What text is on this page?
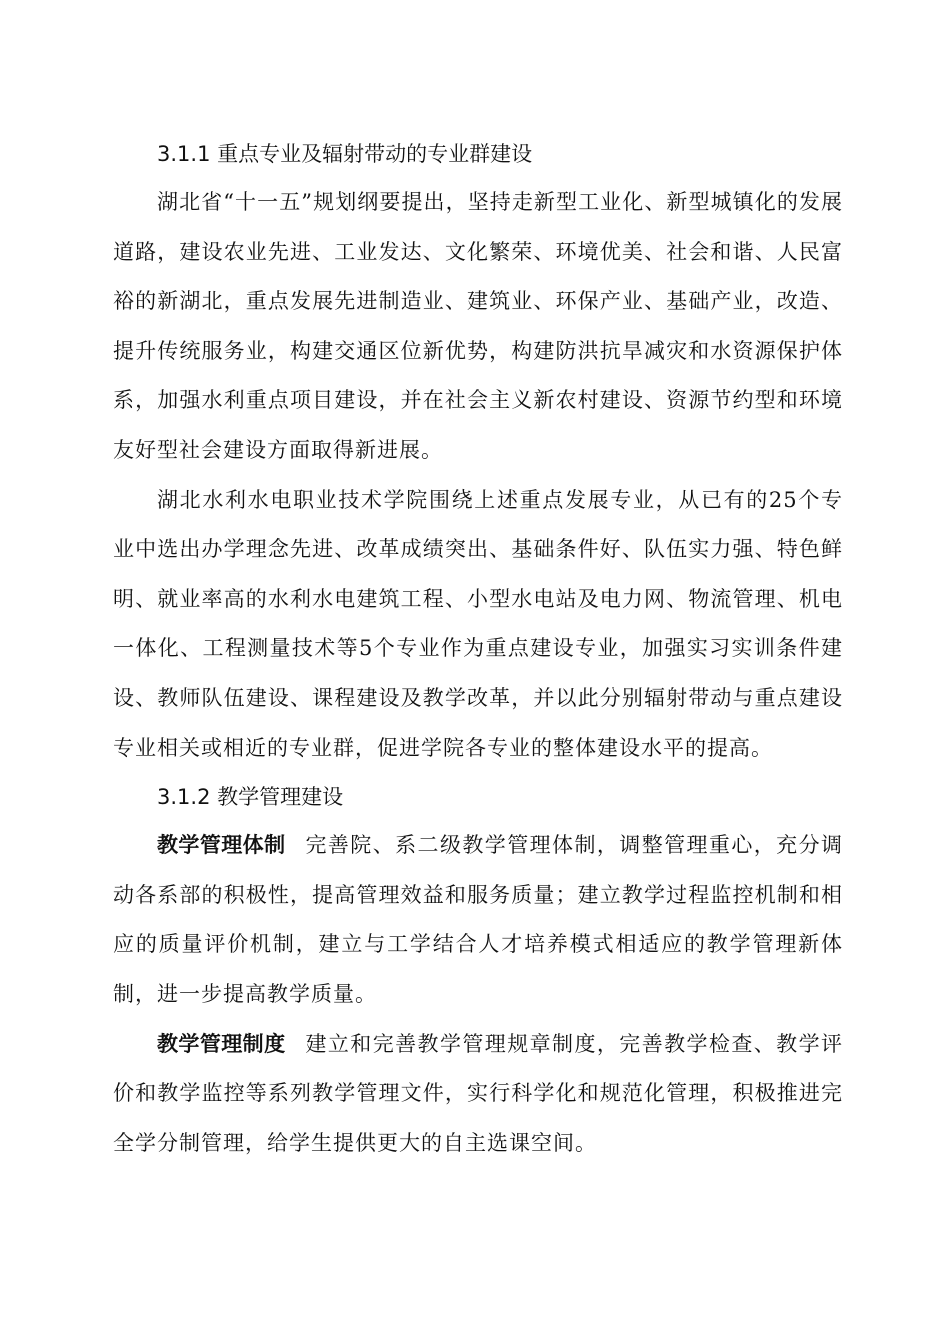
3.1.1 重点专业及辐射带动的专业群建设

湖北省“十一五”规划纲要提出，坚持走新型工业化、新型城镇化的发展道路，建设农业先进、工业发达、文化繁荣、环境优美、社会和谐、人民富裕的新湖北，重点发展先进制造业、建筑业、环保产业、基础产业，改造、提升传统服务业，构建交通区位新优势，构建防洪抗旱减灾和水资源保护体系，加强水利重点项目建设，并在社会主义新农村建设、资源节约型和环境友好型社会建设方面取得新进展。

湖北水利水电职业技术学院围绕上述重点发展专业，从已有的25个专业中选出办学理念先进、改革成绩突出、基础条件好、队伍实力强、特色鲜明、就业率高的水利水电建筑工程、小型水电站及电力网、物流管理、机电一体化、工程测量技术等5个专业作为重点建设专业，加强实习实训条件建设、教师队伍建设、课程建设及教学改革，并以此分别辐射带动与重点建设专业相关或相近的专业群，促进学院各专业的整体建设水平的提高。

3.1.2 教学管理建设

教学管理体制 完善院、系二级教学管理体制，调整管理重心，充分调动各系部的积极性，提高管理效益和服务质量；建立教学过程监控机制和相应的质量评价机制，建立与工学结合人才培养模式相适应的教学管理新体制，进一步提高教学质量。

教学管理制度 建立和完善教学管理规章制度，完善教学检查、教学评价和教学监控等系列教学管理文件，实行科学化和规范化管理，积极推进完全学分制管理，给学生提供更大的自主选课空间。
